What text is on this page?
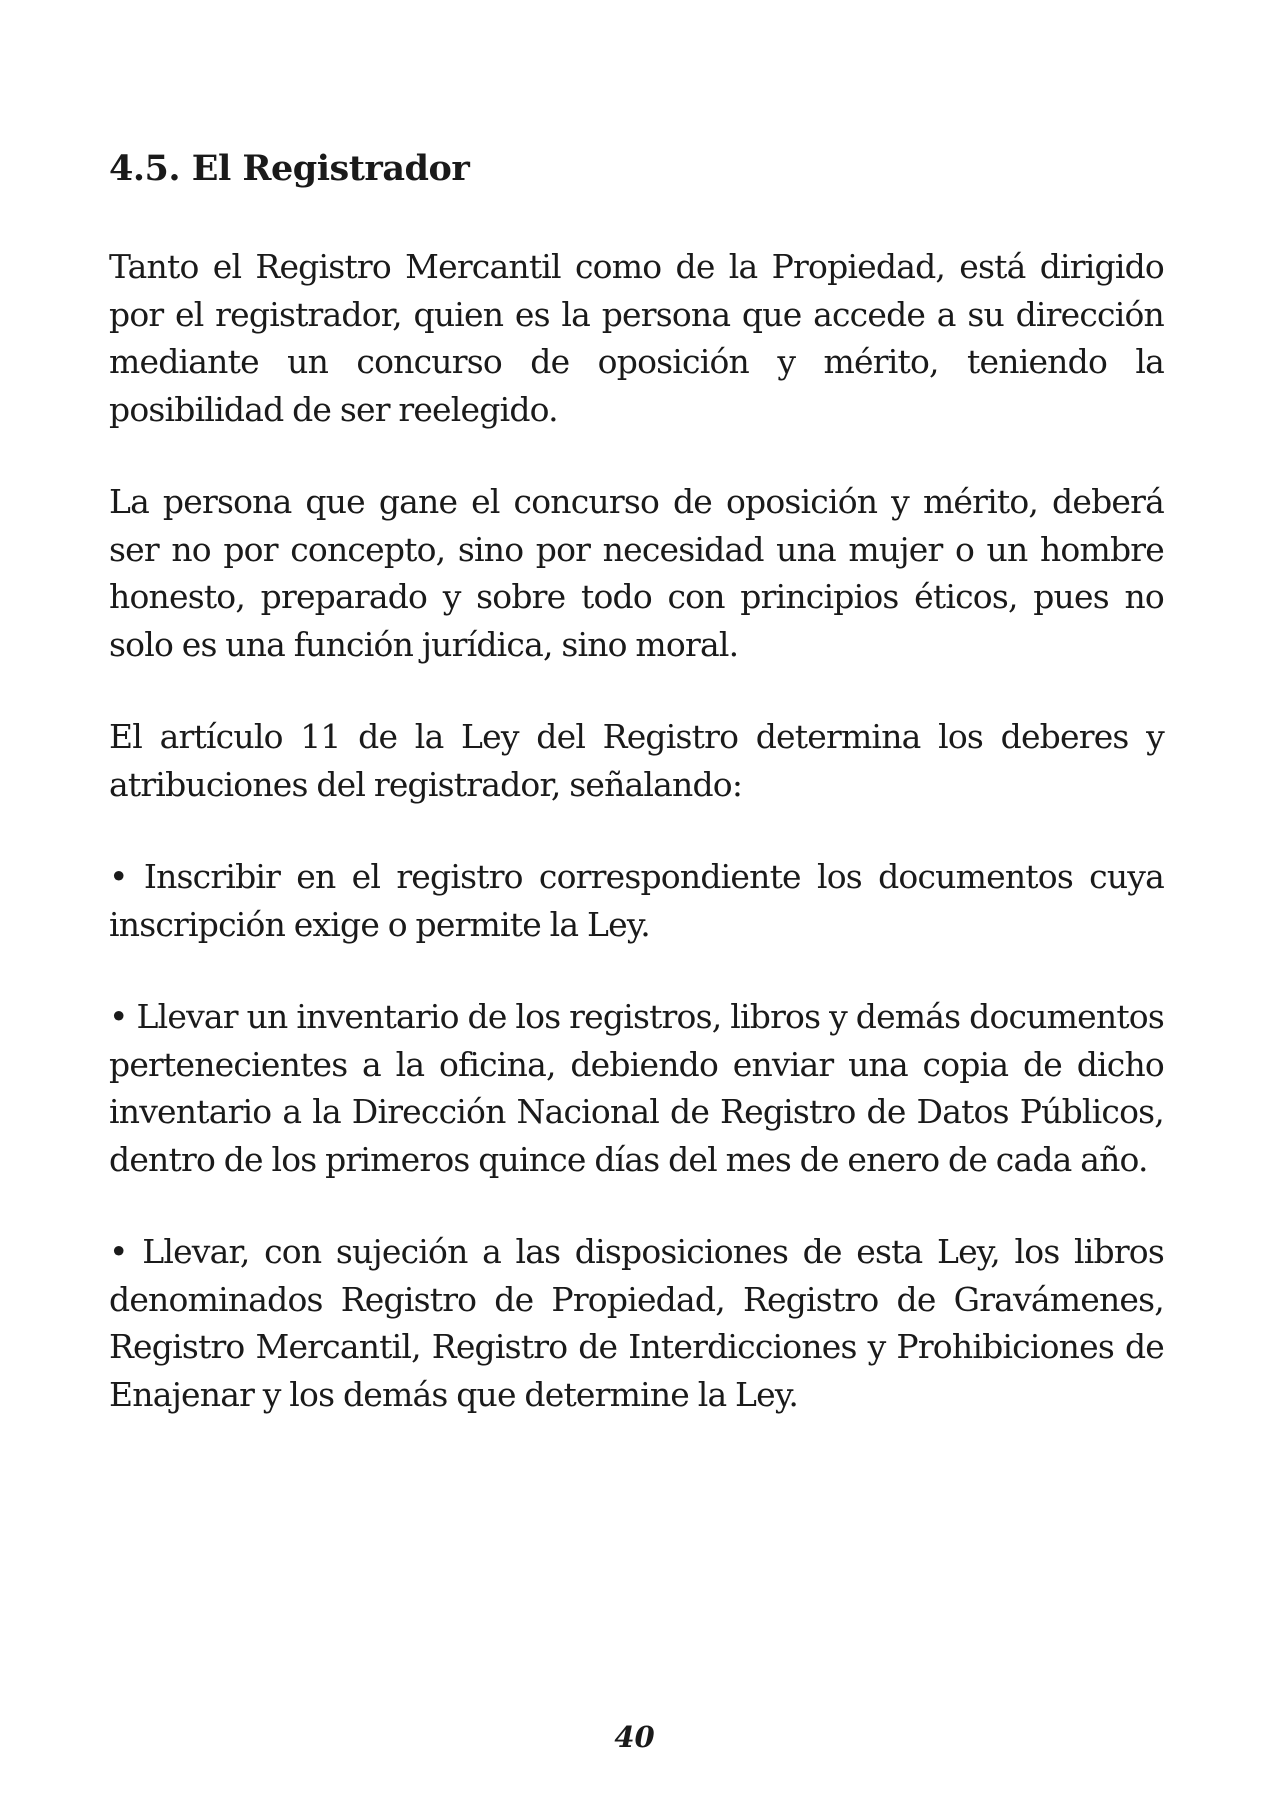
4.5. El Registrador

Tanto el Registro Mercantil como de la Propiedad, está dirigido por el registrador, quien es la persona que accede a su dirección mediante un concurso de oposición y mérito, teniendo la posibilidad de ser reelegido.

La persona que gane el concurso de oposición y mérito, deberá ser no por concepto, sino por necesidad una mujer o un hombre honesto, preparado y sobre todo con principios éticos, pues no solo es una función jurídica, sino moral.

El artículo 11 de la Ley del Registro determina los deberes y atribuciones del registrador, señalando:

• Inscribir en el registro correspondiente los documentos cuya inscripción exige o permite la Ley.

• Llevar un inventario de los registros, libros y demás documentos pertenecientes a la oficina, debiendo enviar una copia de dicho inventario a la Dirección Nacional de Registro de Datos Públicos, dentro de los primeros quince días del mes de enero de cada año.

• Llevar, con sujeción a las disposiciones de esta Ley, los libros denominados Registro de Propiedad, Registro de Gravámenes, Registro Mercantil, Registro de Interdicciones y Prohibiciones de Enajenar y los demás que determine la Ley.

40
